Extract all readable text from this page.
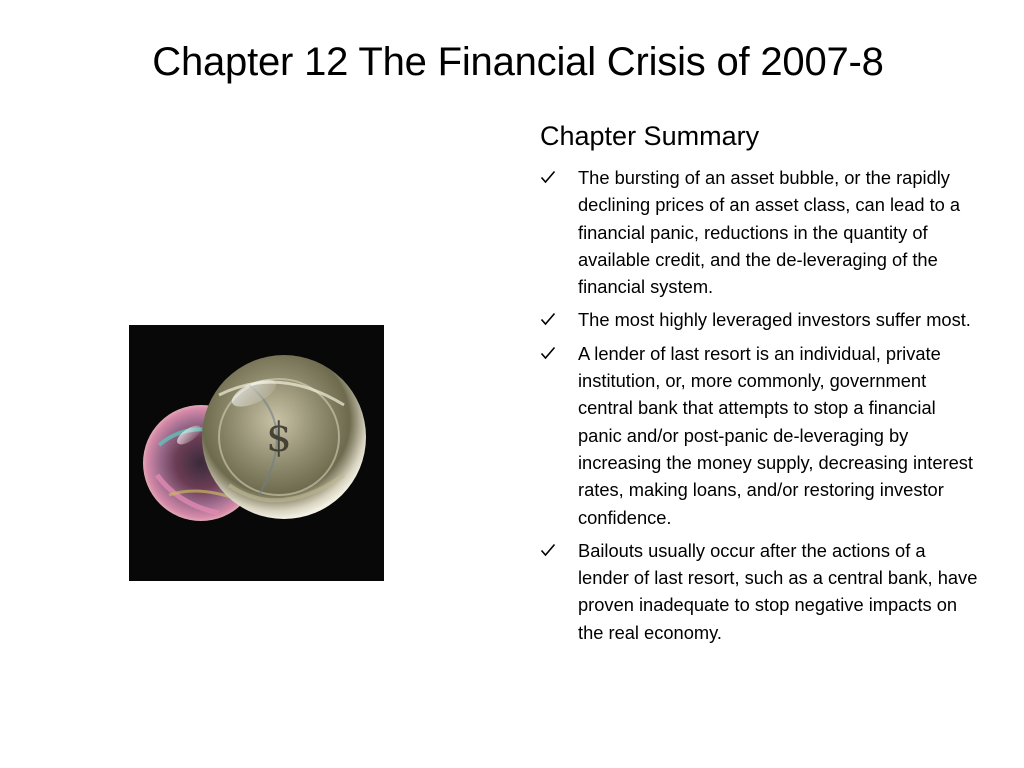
Chapter 12 The Financial Crisis of 2007-8
$
Chapter Summary
The bursting of an asset bubble, or the rapidly declining prices of an asset class, can lead to a financial panic, reductions in the quantity of available credit, and the de-leveraging of the financial system.
The most highly leveraged investors suffer most.
A lender of last resort is an individual, private institution, or, more commonly, government central bank that attempts to stop a financial panic and/or post-panic de-leveraging by increasing the money supply, decreasing interest rates, making loans, and/or restoring investor confidence.
Bailouts usually occur after the actions of a lender of last resort, such as a central bank, have proven inadequate to stop negative impacts on the real economy.
